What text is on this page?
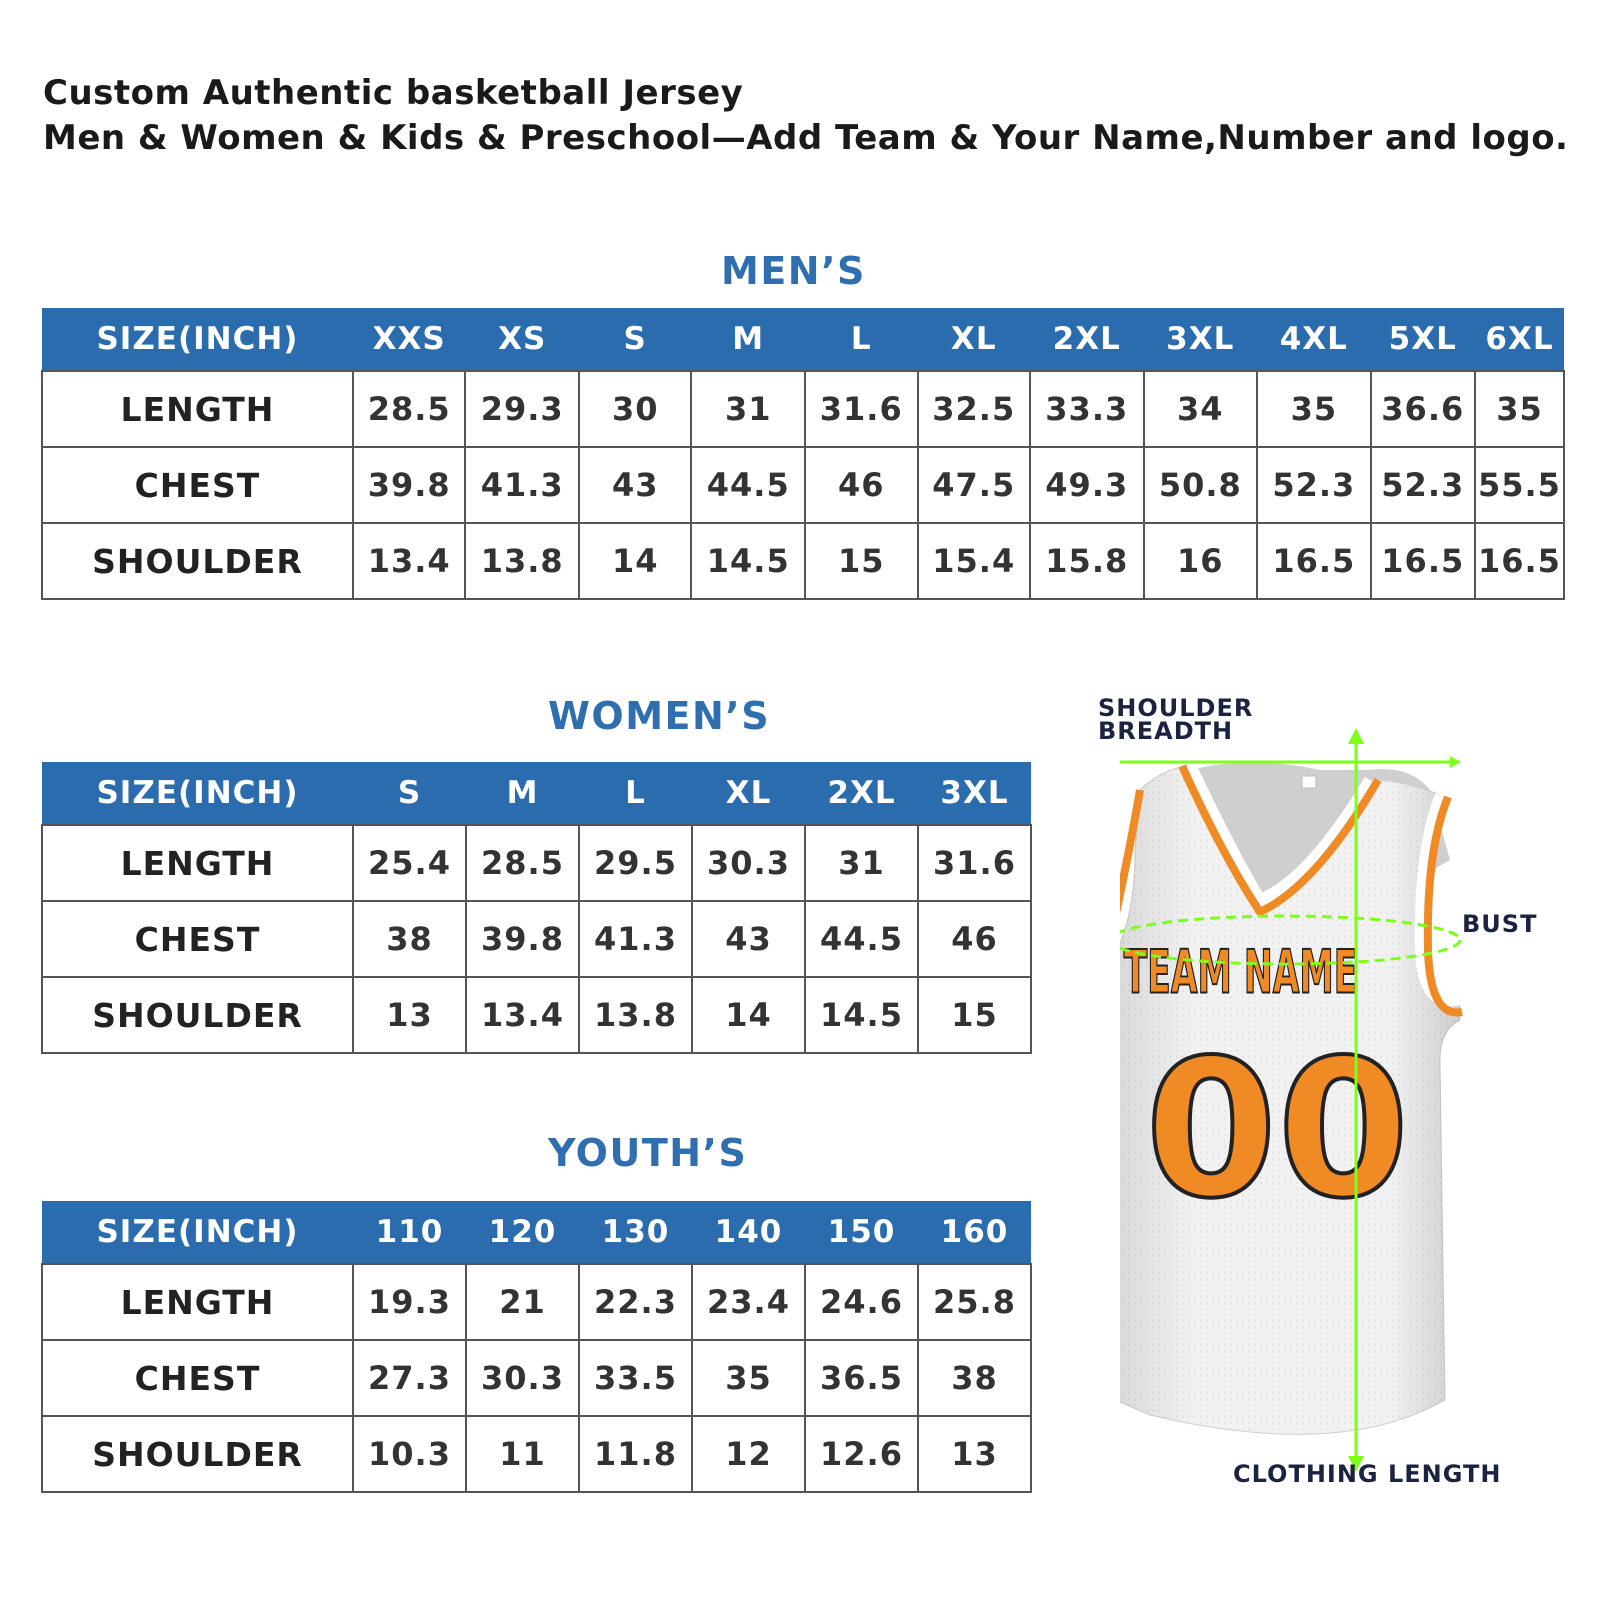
Custom Authentic basketball Jersey
Men & Women & Kids & Preschool—Add Team & Your Name,Number and logo.
MEN’S
SIZE(INCH)	XXS	XS	S	M	L	XL	2XL	3XL	4XL	5XL	6XL
LENGTH	28.5	29.3	30	31	31.6	32.5	33.3	34	35	36.6	35
CHEST	39.8	41.3	43	44.5	46	47.5	49.3	50.8	52.3	52.3	55.5
SHOULDER	13.4	13.8	14	14.5	15	15.4	15.8	16	16.5	16.5	16.5
WOMEN’S
SIZE(INCH)	S	M	L	XL	2XL	3XL
LENGTH	25.4	28.5	29.5	30.3	31	31.6
CHEST	38	39.8	41.3	43	44.5	46
SHOULDER	13	13.4	13.8	14	14.5	15
YOUTH’S
SIZE(INCH)	110	120	130	140	150	160
LENGTH	19.3	21	22.3	23.4	24.6	25.8
CHEST	27.3	30.3	33.5	35	36.5	38
SHOULDER	10.3	11	11.8	12	12.6	13
TEAM NAME
00
SHOULDER
BREADTH
BUST
CLOTHING LENGTH
